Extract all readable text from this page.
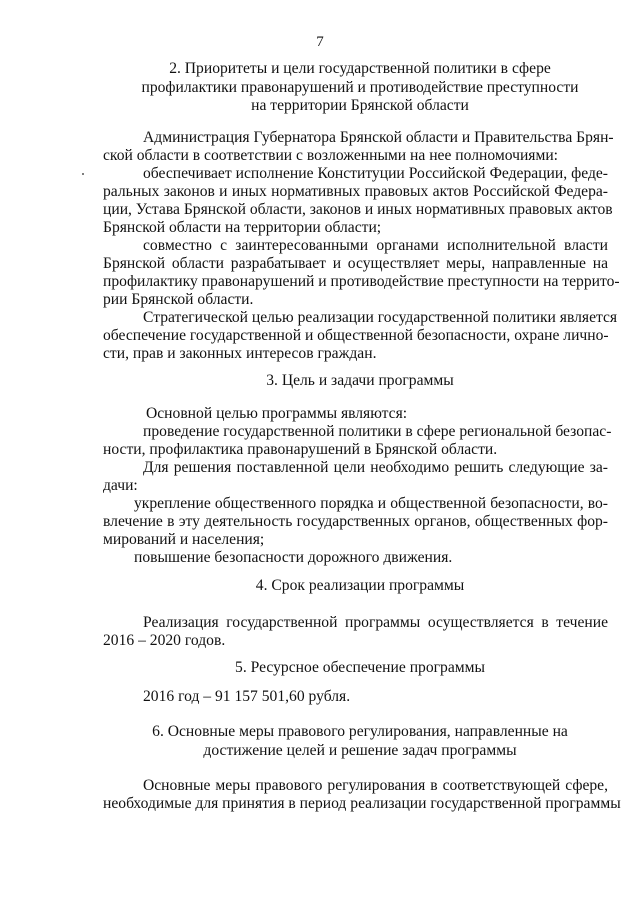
7
2. Приоритеты и цели государственной политики в сфере
профилактики правонарушений и противодействие преступности
на территории Брянской области
Администрация Губернатора Брянской области и Правительства Брян-
ской области в соответствии с возложенными на нее полномочиями:
обеспечивает исполнение Конституции Российской Федерации, феде-
ральных законов и иных нормативных правовых актов Российской Федера-
ции, Устава Брянской области, законов и иных нормативных правовых актов
Брянской области на территории области;
совместно с заинтересованными органами исполнительной власти
Брянской области разрабатывает и осуществляет меры, направленные на
профилактику правонарушений и противодействие преступности на террито-
рии Брянской области.
Стратегической целью реализации государственной политики является
обеспечение государственной и общественной безопасности, охране лично-
сти, прав и законных интересов граждан.
3. Цель и задачи программы
Основной целью программы являются:
проведение государственной политики в сфере региональной безопас-
ности, профилактика правонарушений в Брянской области.
Для решения поставленной цели необходимо решить следующие за-
дачи:
укрепление общественного порядка и общественной безопасности, во-
влечение в эту деятельность государственных органов, общественных фор-
мирований и населения;
повышение безопасности дорожного движения.
4. Срок реализации программы
Реализация государственной программы осуществляется в течение
2016 – 2020 годов.
5. Ресурсное обеспечение программы
2016 год – 91 157 501,60 рубля.
6. Основные меры правового регулирования, направленные на
достижение целей и решение задач программы
Основные меры правового регулирования в соответствующей сфере,
необходимые для принятия в период реализации государственной программы
